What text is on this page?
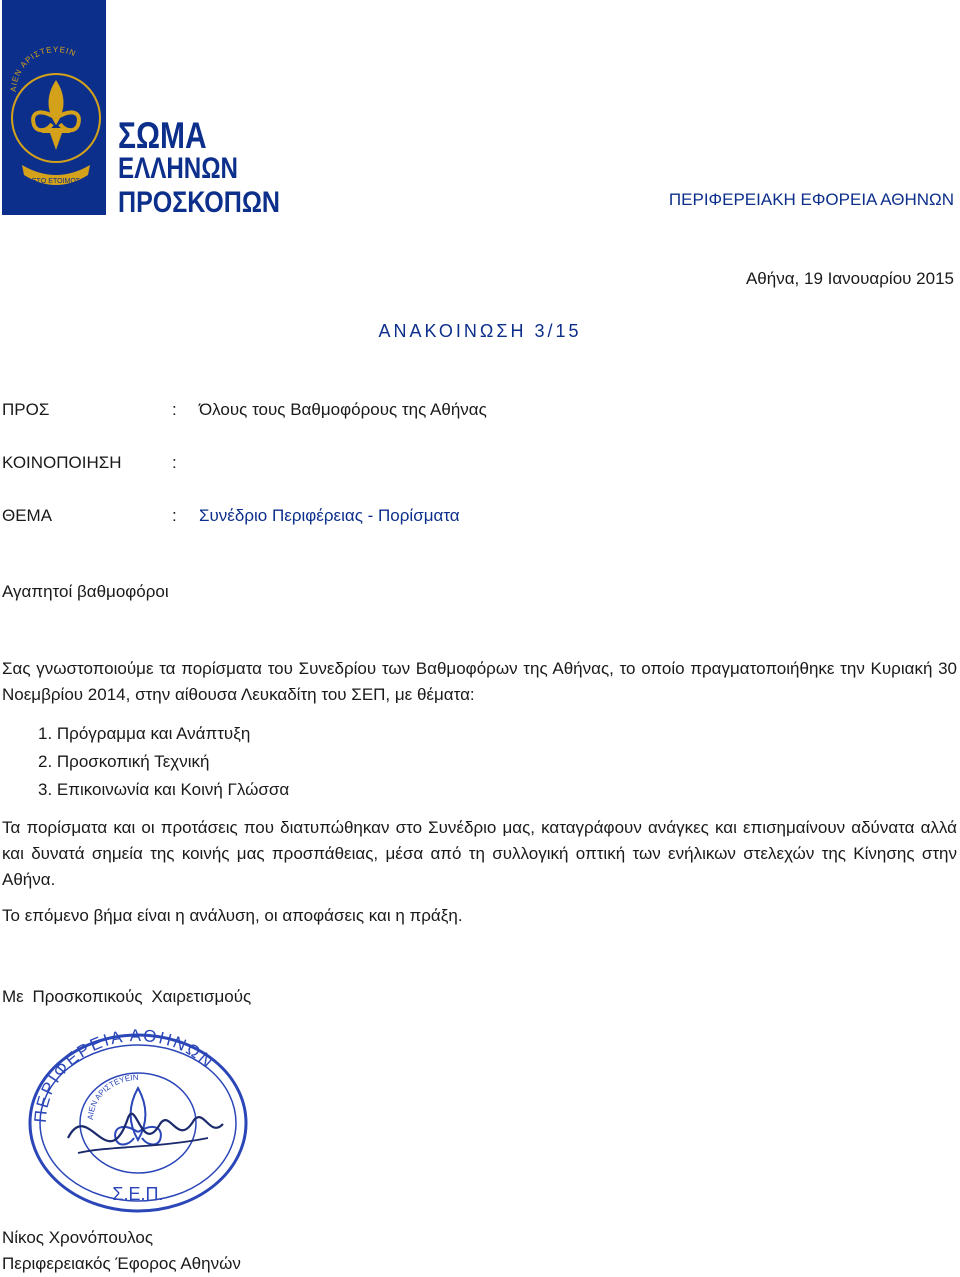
ΑΙΕΝ ΑΡΙΣΤΕΥΕΙΝ
ΕΣΟ ΕΤΟΙΜΟΣ
ΣΩΜΑ
ΕΛΛΗΝΩΝ
ΠΡΟΣΚΟΠΩΝ	ΠΕΡΙΦΕΡΕΙΑΚΗ ΕΦΟΡΕΙΑ ΑΘΗΝΩΝ
Αθήνα, 19 Ιανουαρίου 2015
ΑΝΑΚΟΙΝΩΣΗ 3/15
ΠΡΟΣ	: Όλους τους Βαθμοφόρους της Αθήνας
ΚΟΙΝΟΠΟΙΗΣΗ	:
ΘΕΜΑ	: Συνέδριο Περιφέρειας - Πορίσματα
Αγαπητοί βαθμοφόροι
Σας γνωστοποιούμε τα πορίσματα του Συνεδρίου των Βαθμοφόρων της Αθήνας, το οποίο πραγματοποιήθηκε την Κυριακή 30 Νοεμβρίου 2014, στην αίθουσα Λευκαδίτη του ΣΕΠ, με θέματα:
1. Πρόγραμμα και Ανάπτυξη
2. Προσκοπική Τεχνική
3. Επικοινωνία και Κοινή Γλώσσα
Τα πορίσματα και οι προτάσεις που διατυπώθηκαν στο Συνέδριο μας, καταγράφουν ανάγκες και επισημαίνουν αδύνατα αλλά και δυνατά σημεία της κοινής μας προσπάθειας, μέσα από τη συλλογική οπτική των ενήλικων στελεχών της Κίνησης στην Αθήνα.
Το επόμενο βήμα είναι η ανάλυση, οι αποφάσεις και η πράξη.
Με Προσκοπικούς Χαιρετισμούς
ΠΕΡΙΦΕΡΕΙΑ ΑΘΗΝΩΝ
ΑΙΕΝ ΑΡΙΣΤΕΥΕΙΝ
Σ.Ε.Π.
Νίκος Χρονόπουλος
Περιφερειακός Έφορος Αθηνών
